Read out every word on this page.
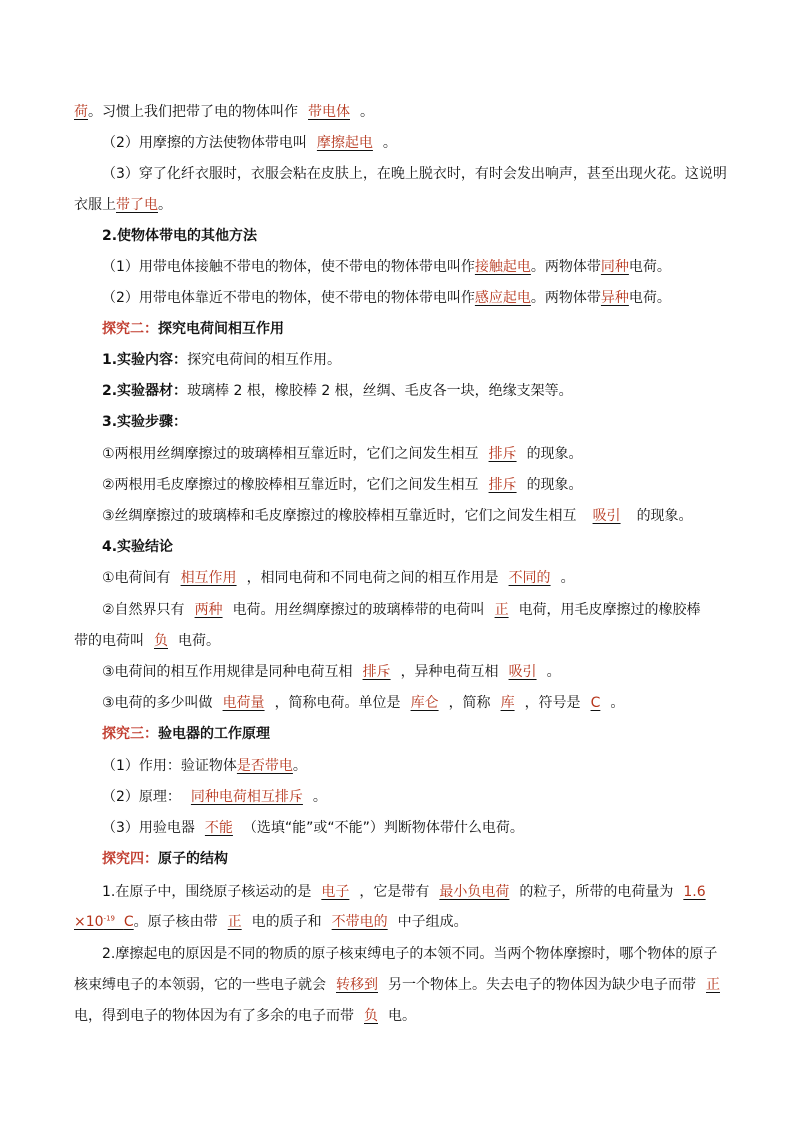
荷。习惯上我们把带了电的物体叫作 带电体 。
（2）用摩擦的方法使物体带电叫 摩擦起电 。
（3）穿了化纤衣服时，衣服会粘在皮肤上，在晚上脱衣时，有时会发出响声，甚至出现火花。这说明
衣服上带了电。
2.使物体带电的其他方法
（1）用带电体接触不带电的物体，使不带电的物体带电叫作接触起电。两物体带同种电荷。
（2）用带电体靠近不带电的物体，使不带电的物体带电叫作感应起电。两物体带异种电荷。
探究二：探究电荷间相互作用
1.实验内容：探究电荷间的相互作用。
2.实验器材：玻璃棒 2 根，橡胶棒 2 根，丝绸、毛皮各一块，绝缘支架等。
3.实验步骤：
①两根用丝绸摩擦过的玻璃棒相互靠近时，它们之间发生相互 排斥 的现象。
②两根用毛皮摩擦过的橡胶棒相互靠近时，它们之间发生相互 排斥 的现象。
③丝绸摩擦过的玻璃棒和毛皮摩擦过的橡胶棒相互靠近时，它们之间发生相互 吸引 的现象。
4.实验结论
①电荷间有 相互作用 ，相同电荷和不同电荷之间的相互作用是 不同的 。
②自然界只有 两种 电荷。用丝绸摩擦过的玻璃棒带的电荷叫 正 电荷，用毛皮摩擦过的橡胶棒
带的电荷叫 负 电荷。
③电荷间的相互作用规律是同种电荷互相 排斥 ，异种电荷互相 吸引 。
③电荷的多少叫做 电荷量 ，简称电荷。单位是 库仑 ，简称 库 ，符号是 C 。
探究三：验电器的工作原理
（1）作用：验证物体是否带电。
（2）原理： 同种电荷相互排斥 。
（3）用验电器 不能 （选填“能”或“不能”）判断物体带什么电荷。
探究四：原子的结构
1.在原子中，围绕原子核运动的是 电子 ，它是带有 最小负电荷 的粒子，所带的电荷量为 1.6
$\times 10^{-19}$ C。原子核由带 正 电的质子和 不带电的 中子组成。
2.摩擦起电的原因是不同的物质的原子核束缚电子的本领不同。当两个物体摩擦时，哪个物体的原子
核束缚电子的本领弱，它的一些电子就会 转移到 另一个物体上。失去电子的物体因为缺少电子而带 正
电，得到电子的物体因为有了多余的电子而带 负 电。
